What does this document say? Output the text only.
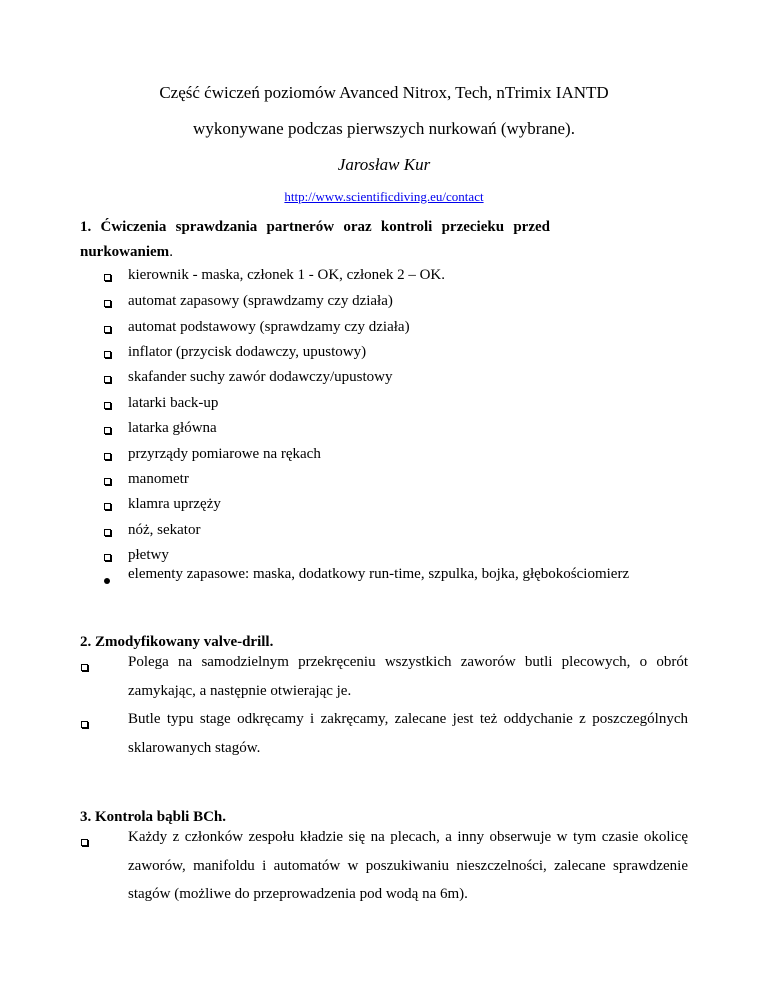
Część ćwiczeń poziomów Avanced Nitrox, Tech, nTrimix IANTD
wykonywane podczas pierwszych nurkowań (wybrane).
Jarosław Kur
http://www.scientificdiving.eu/contact
1. Ćwiczenia sprawdzania partnerów oraz kontroli przecieku przed
nurkowaniem.
kierownik - maska, członek 1 - OK, członek 2 – OK.
automat zapasowy (sprawdzamy czy działa)
automat podstawowy (sprawdzamy czy działa)
inflator (przycisk dodawczy, upustowy)
skafander suchy zawór dodawczy/upustowy
latarki back-up
latarka główna
przyrządy pomiarowe na rękach
manometr
klamra uprzęży
nóż, sekator
płetwy
elementy zapasowe: maska, dodatkowy run-time, szpulka, bojka, głębokościomierz
2. Zmodyfikowany valve-drill.
Polega na samodzielnym przekręceniu wszystkich zaworów butli plecowych, o obrót zamykając, a następnie otwierając je.
Butle typu stage odkręcamy i zakręcamy, zalecane jest też oddychanie z poszczególnych sklarowanych stagów.
3. Kontrola bąbli BCh.
Każdy z członków zespołu kładzie się na plecach, a inny obserwuje w tym czasie okolicę zaworów, manifoldu i automatów w poszukiwaniu nieszczelności, zalecane sprawdzenie stagów (możliwe do przeprowadzenia pod wodą na 6m).
